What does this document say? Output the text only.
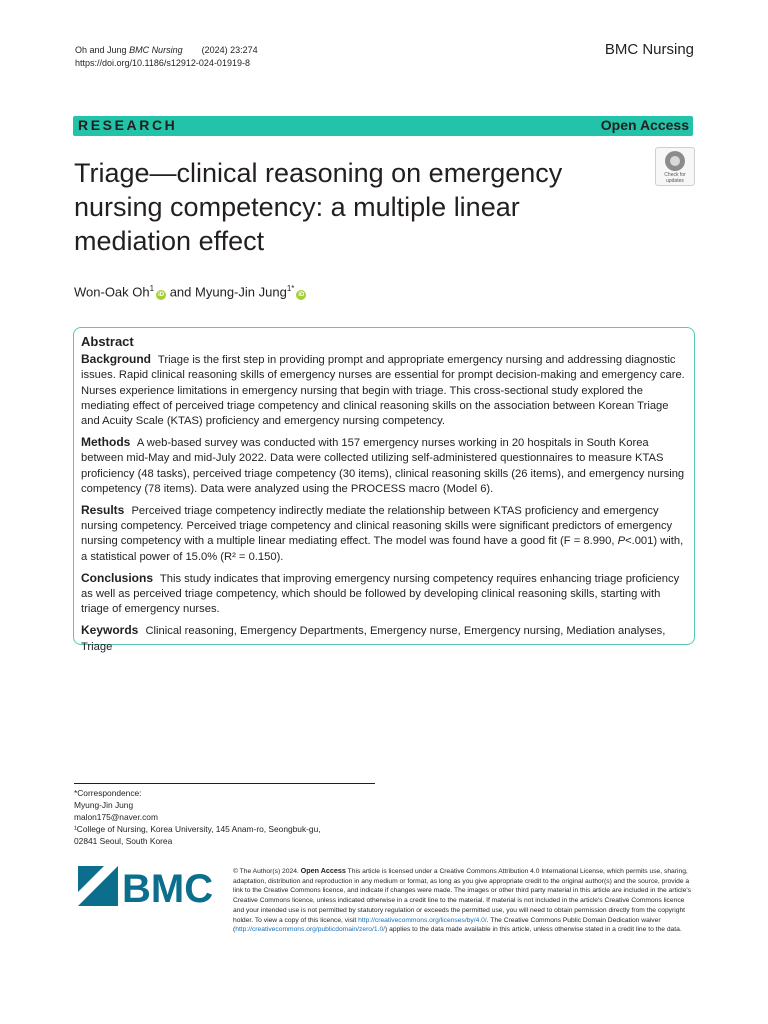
Oh and Jung BMC Nursing (2024) 23:274
https://doi.org/10.1186/s12912-024-01919-8
BMC Nursing
RESEARCH	Open Access
Triage—clinical reasoning on emergency
nursing competency: a multiple linear
mediation effect
Check for
updates
Won-Oak Oh$^1$iD and Myung-Jin Jung$^{1*}$iD
Abstract

Background Triage is the first step in providing prompt and appropriate emergency nursing and addressing diagnostic issues. Rapid clinical reasoning skills of emergency nurses are essential for prompt decision-making and emergency care. Nurses experience limitations in emergency nursing that begin with triage. This cross-sectional study explored the mediating effect of perceived triage competency and clinical reasoning skills on the association between Korean Triage and Acuity Scale (KTAS) proficiency and emergency nursing competency.

Methods A web-based survey was conducted with 157 emergency nurses working in 20 hospitals in South Korea between mid-May and mid-July 2022. Data were collected utilizing self-administered questionnaires to measure KTAS proficiency (48 tasks), perceived triage competency (30 items), clinical reasoning skills (26 items), and emergency nursing competency (78 items). Data were analyzed using the PROCESS macro (Model 6).

Results Perceived triage competency indirectly mediate the relationship between KTAS proficiency and emergency nursing competency. Perceived triage competency and clinical reasoning skills were significant predictors of emergency nursing competency with a multiple linear mediating effect. The model was found have a good fit (F = 8.990, P<.001) with, a statistical power of 15.0% (R² = 0.150).

Conclusions This study indicates that improving emergency nursing competency requires enhancing triage proficiency as well as perceived triage competency, which should be followed by developing clinical reasoning skills, starting with triage of emergency nurses.

Keywords Clinical reasoning, Emergency Departments, Emergency nurse, Emergency nursing, Mediation analyses, Triage

*Correspondence:
Myung-Jin Jung
malon175@naver.com
¹College of Nursing, Korea University, 145 Anam-ro, Seongbuk-gu,
02841 Seoul, South Korea
BMC	© The Author(s) 2024. Open Access This article is licensed under a Creative Commons Attribution 4.0 International License, which permits use, sharing, adaptation, distribution and reproduction in any medium or format, as long as you give appropriate credit to the original author(s) and the source, provide a link to the Creative Commons licence, and indicate if changes were made. The images or other third party material in this article are included in the article's Creative Commons licence, unless indicated otherwise in a credit line to the material. If material is not included in the article's Creative Commons licence and your intended use is not permitted by statutory regulation or exceeds the permitted use, you will need to obtain permission directly from the copyright holder. To view a copy of this licence, visit http://creativecommons.org/licenses/by/4.0/. The Creative Commons Public Domain Dedication waiver (http://creativecommons.org/publicdomain/zero/1.0/) applies to the data made available in this article, unless otherwise stated in a credit line to the data.
